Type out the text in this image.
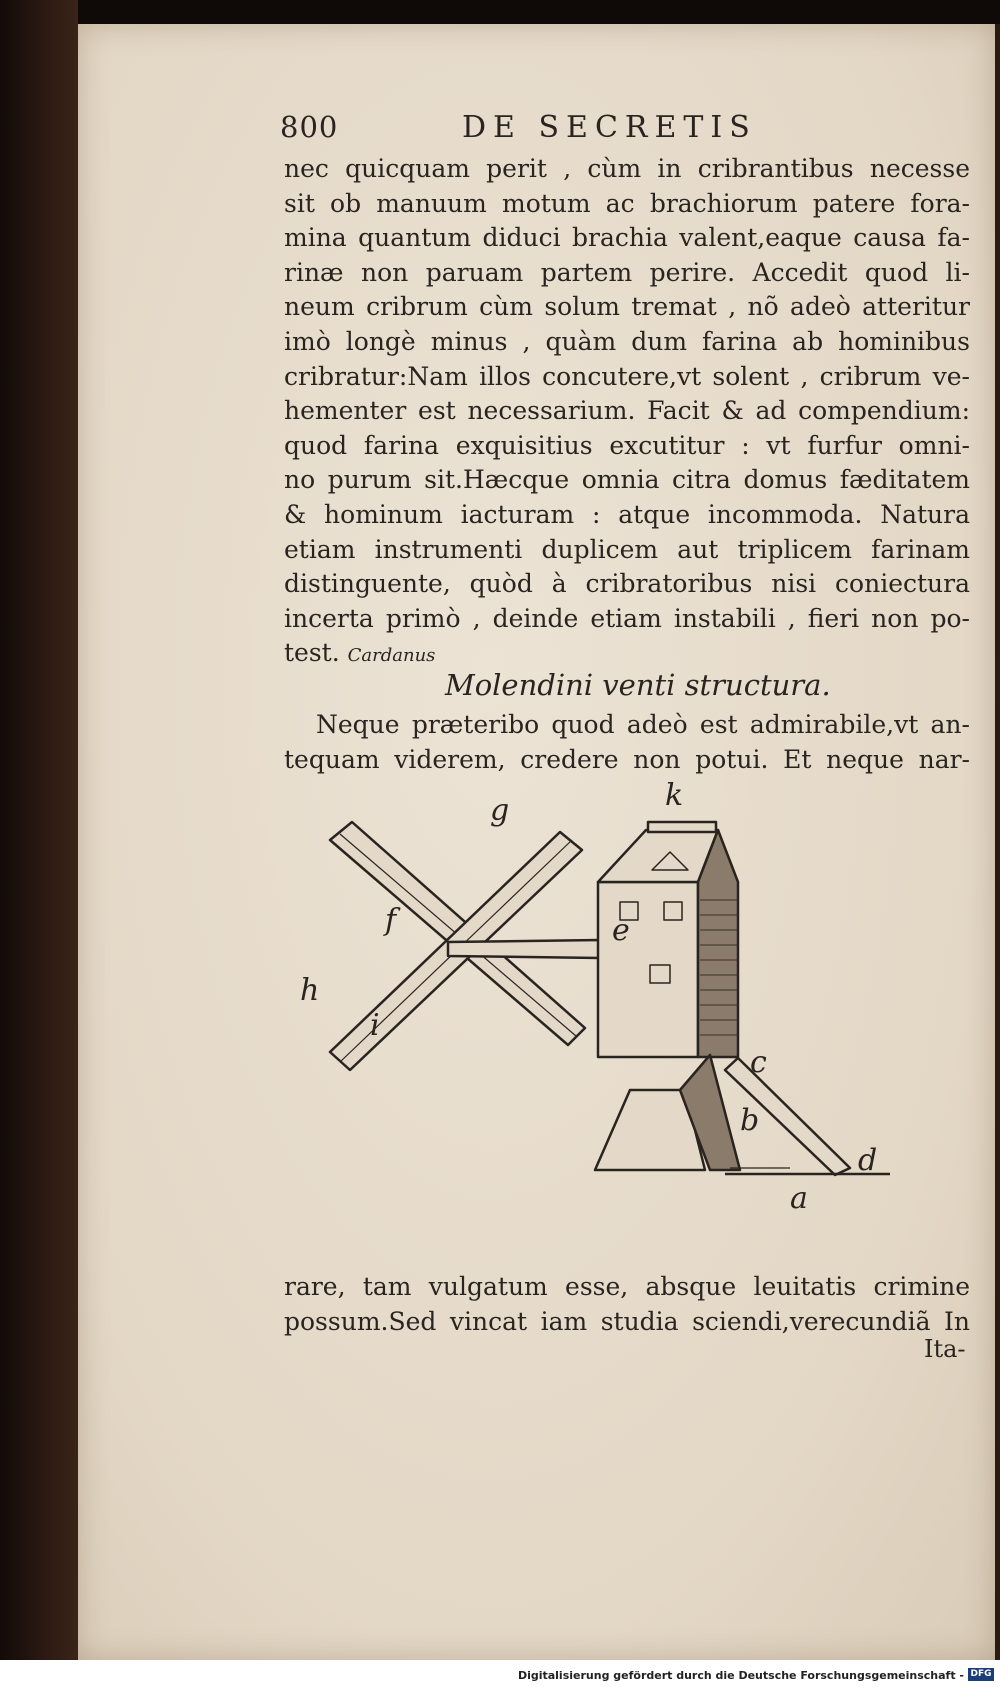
800	DE SECRETIS
nec quicquam perit , cùm in cribrantibus necesse
sit ob manuum motum ac brachiorum patere fora-
mina quantum diduci brachia valent,eaque causa fa-
rinæ non paruam partem perire. Accedit quod li-
neum cribrum cùm solum tremat , nõ adeò atteritur
imò longè minus , quàm dum farina ab hominibus
cribratur:Nam illos concutere,vt solent , cribrum ve-
hementer est necessarium. Facit & ad compendium:
quod farina exquisitius excutitur : vt furfur omni-
no purum sit.Hæcque omnia citra domus fæditatem
& hominum iacturam : atque incommoda. Natura
etiam instrumenti duplicem aut triplicem farinam
distinguente, quòd à cribratoribus nisi coniectura
incerta primò , deinde etiam instabili , fieri non po-
test. Cardanus
Molendini venti structura.
Neque præteribo quod adeò est admirabile,vt an-
tequam viderem, credere non potui. Et neque nar-
k
g
f	e
h
i
c
b
d
a
rare, tam vulgatum esse, absque leuitatis crimine
possum.Sed vincat iam studia sciendi,verecundiã In
Ita-
Digitalisierung gefördert durch die Deutsche Forschungsgemeinschaft - DFG
